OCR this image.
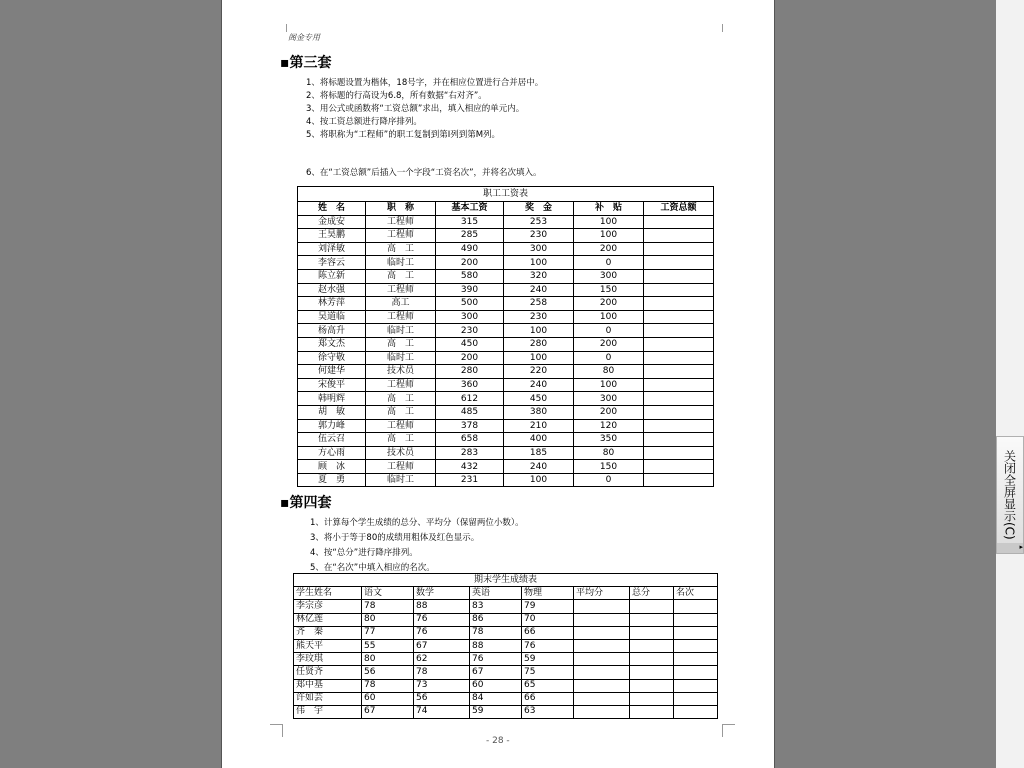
阁金专用
▪第三套
1、将标题设置为楷体，18号字，并在相应位置进行合并居中。
2、将标题的行高设为6.8，所有数据“右对齐”。
3、用公式或函数将“工资总额”求出，填入相应的单元内。
4、按工资总额进行降序排列。
5、将职称为“工程师”的职工复制到第I列到第M列。
6、在“工资总额”后插入一个字段“工资名次”，并将名次填入。
职工工资表					
姓　名	职　称	基本工资	奖　金	补　贴	工资总额
金成安	工程师	315	253	100	
王昊鹏	工程师	285	230	100	
刘泽敏	高　工	490	300	200	
李容云	临时工	200	100	0	
陈立新	高　工	580	320	300	
赵水强	工程师	390	240	150	
林芳萍	高工	500	258	200	
吴道临	工程师	300	230	100	
杨高升	临时工	230	100	0	
郑文杰	高　工	450	280	200	
徐守敬	临时工	200	100	0	
何建华	技术员	280	220	80	
宋俊平	工程师	360	240	100	
韩明辉	高　工	612	450	300	
胡　敏	高　工	485	380	200	
郭力峰	工程师	378	210	120	
伍云召	高　工	658	400	350	
方心雨	技术员	283	185	80	
顾　冰	工程师	432	240	150	
夏　勇	临时工	231	100	0	
▪第四套
1、计算每个学生成绩的总分、平均分（保留两位小数）。
3、将小于等于80的成绩用粗体及红色显示。
4、按“总分”进行降序排列。
5、在“名次”中填入相应的名次。
期末学生成绩表							
学生姓名	语文	数学	英语	物理	平均分	总分	名次
李宗彦	78	88	83	79			
林亿莲	80	76	86	70			
齐　秦	77	76	78	66			
熊天平	55	67	88	76			
李玟琪	80	62	76	59			
任贤齐	56	78	67	75			
郑中基	78	73	60	65			
许如芸	60	56	84	66			
伟　宇	67	74	59	63			
- 28 -
关闭全屏显示(C)
▸
